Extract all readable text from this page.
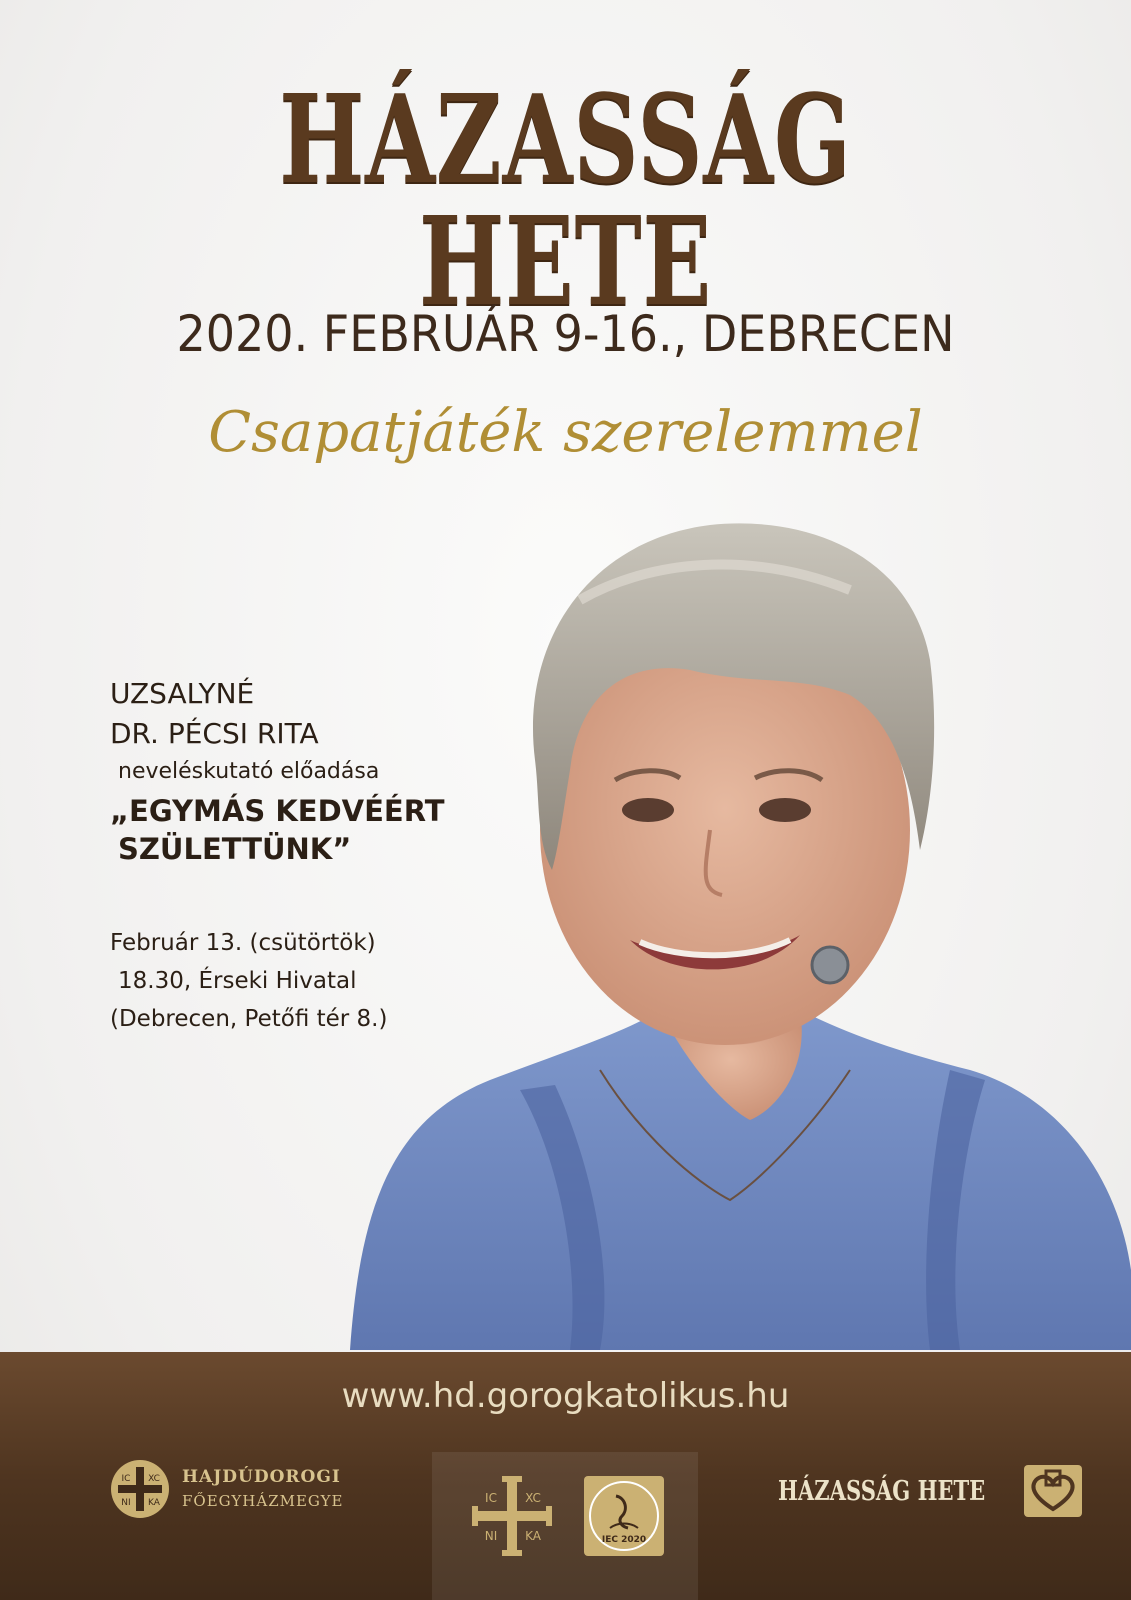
HÁZASSÁG HETE
2020. FEBRUÁR 9-16., DEBRECEN
Csapatjáték szerelemmel
UZSALYNÉ
DR. PÉCSI RITA
neveléskutató előadása
„EGYMÁS KEDVÉÉRT
SZÜLETTÜNK”
Február 13. (csütörtök)
18.30, Érseki Hivatal
(Debrecen, Petőfi tér 8.)
www.hd.gorogkatolikus.hu
IC XC
NI KA
HAJDÚDOROGI
FŐEGYHÁZMEGYE	IC XC
NI KA	IEC 2020
HÁZASSÁG HETE
